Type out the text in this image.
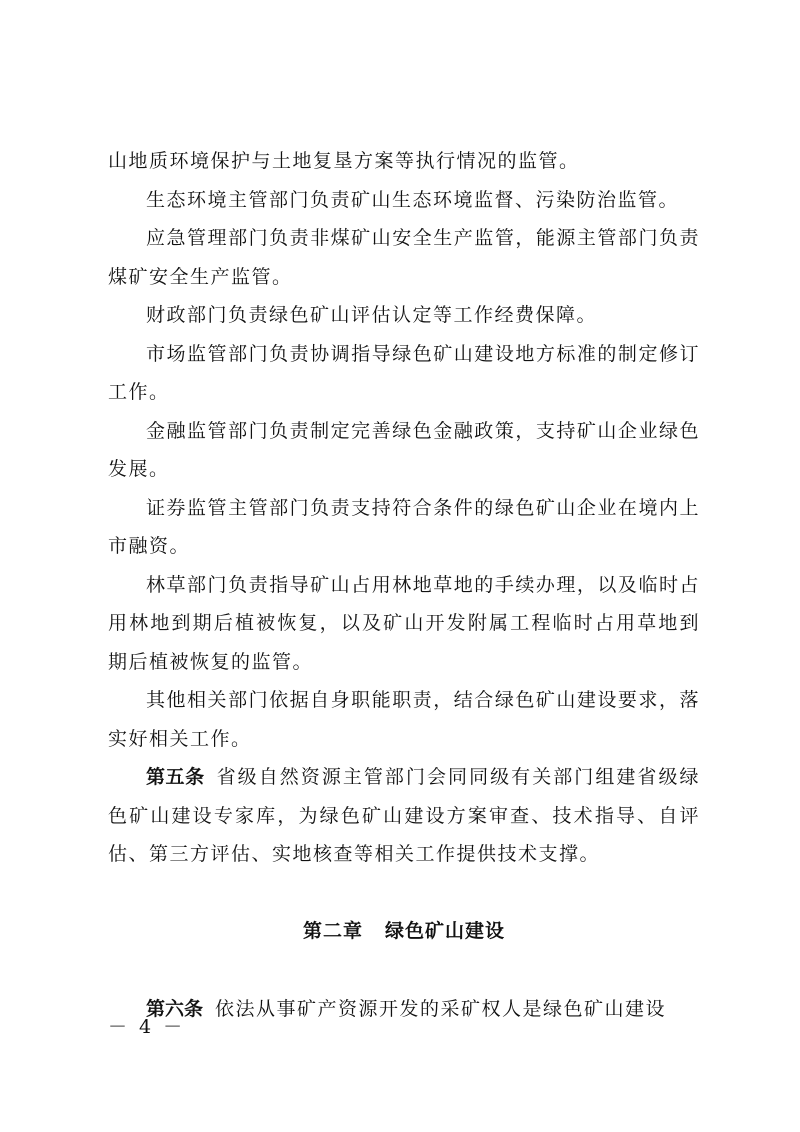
山地质环境保护与土地复垦方案等执行情况的监管。

生态环境主管部门负责矿山生态环境监督、污染防治监管。

应急管理部门负责非煤矿山安全生产监管，能源主管部门负责煤矿安全生产监管。

财政部门负责绿色矿山评估认定等工作经费保障。

市场监管部门负责协调指导绿色矿山建设地方标准的制定修订工作。

金融监管部门负责制定完善绿色金融政策，支持矿山企业绿色发展。

证券监管主管部门负责支持符合条件的绿色矿山企业在境内上市融资。

林草部门负责指导矿山占用林地草地的手续办理，以及临时占用林地到期后植被恢复，以及矿山开发附属工程临时占用草地到期后植被恢复的监管。

其他相关部门依据自身职能职责，结合绿色矿山建设要求，落实好相关工作。

第五条 省级自然资源主管部门会同同级有关部门组建省级绿色矿山建设专家库，为绿色矿山建设方案审查、技术指导、自评估、第三方评估、实地核查等相关工作提供技术支撑。

第二章 绿色矿山建设

第六条 依法从事矿产资源开发的采矿权人是绿色矿山建设

－ 4 －
